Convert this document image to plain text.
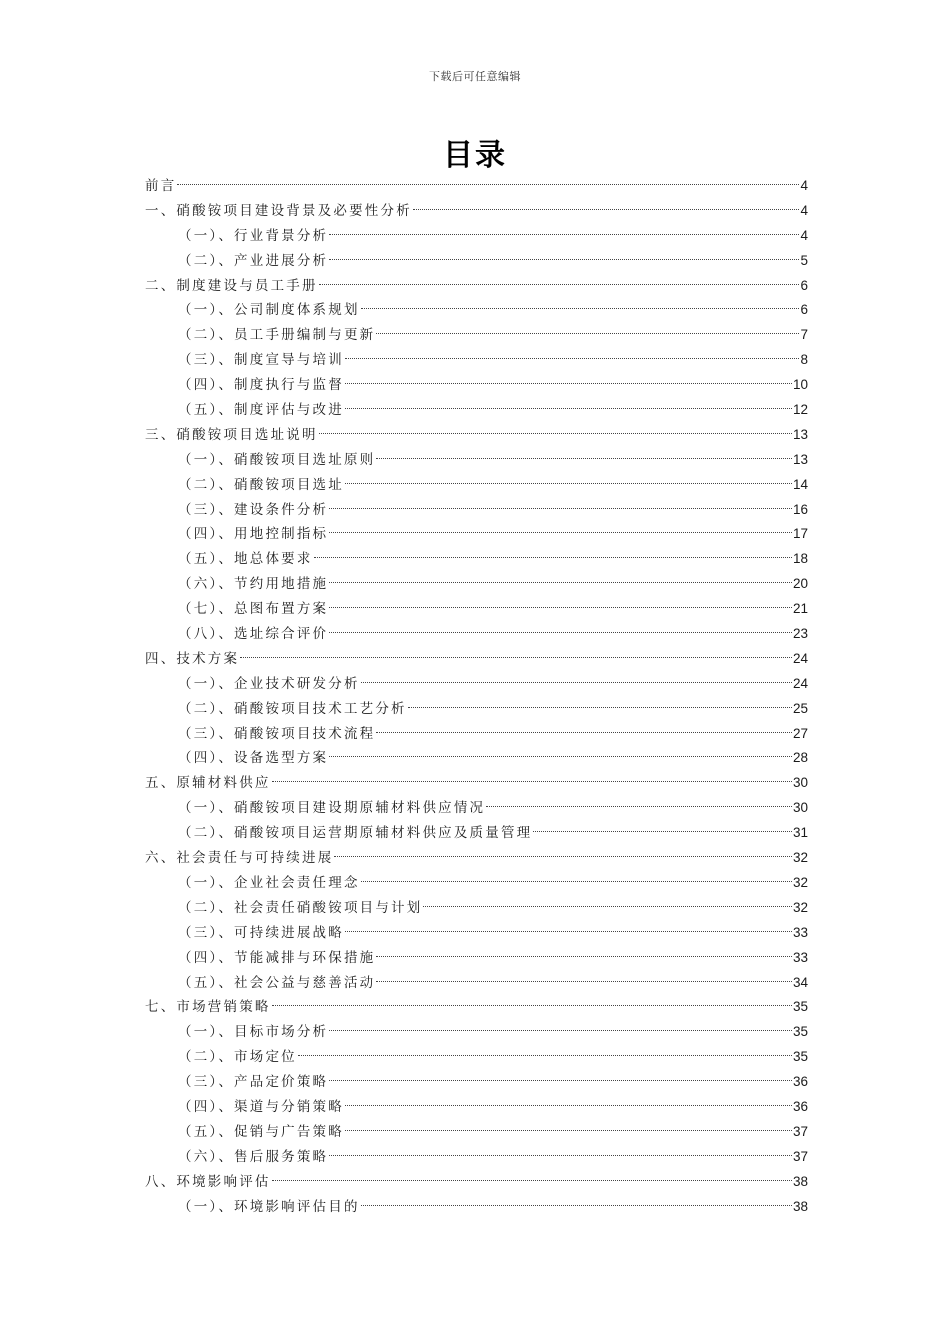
下载后可任意编辑
目录
前言	4
一、硝酸铵项目建设背景及必要性分析	4
（一）、行业背景分析	4
（二）、产业进展分析	5
二、制度建设与员工手册	6
（一）、公司制度体系规划	6
（二）、员工手册编制与更新	7
（三）、制度宣导与培训	8
（四）、制度执行与监督	10
（五）、制度评估与改进	12
三、硝酸铵项目选址说明	13
（一）、硝酸铵项目选址原则	13
（二）、硝酸铵项目选址	14
（三）、建设条件分析	16
（四）、用地控制指标	17
（五）、地总体要求	18
（六）、节约用地措施	20
（七）、总图布置方案	21
（八）、选址综合评价	23
四、技术方案	24
（一）、企业技术研发分析	24
（二）、硝酸铵项目技术工艺分析	25
（三）、硝酸铵项目技术流程	27
（四）、设备选型方案	28
五、原辅材料供应	30
（一）、硝酸铵项目建设期原辅材料供应情况	30
（二）、硝酸铵项目运营期原辅材料供应及质量管理	31
六、社会责任与可持续进展	32
（一）、企业社会责任理念	32
（二）、社会责任硝酸铵项目与计划	32
（三）、可持续进展战略	33
（四）、节能减排与环保措施	33
（五）、社会公益与慈善活动	34
七、市场营销策略	35
（一）、目标市场分析	35
（二）、市场定位	35
（三）、产品定价策略	36
（四）、渠道与分销策略	36
（五）、促销与广告策略	37
（六）、售后服务策略	37
八、环境影响评估	38
（一）、环境影响评估目的	38
